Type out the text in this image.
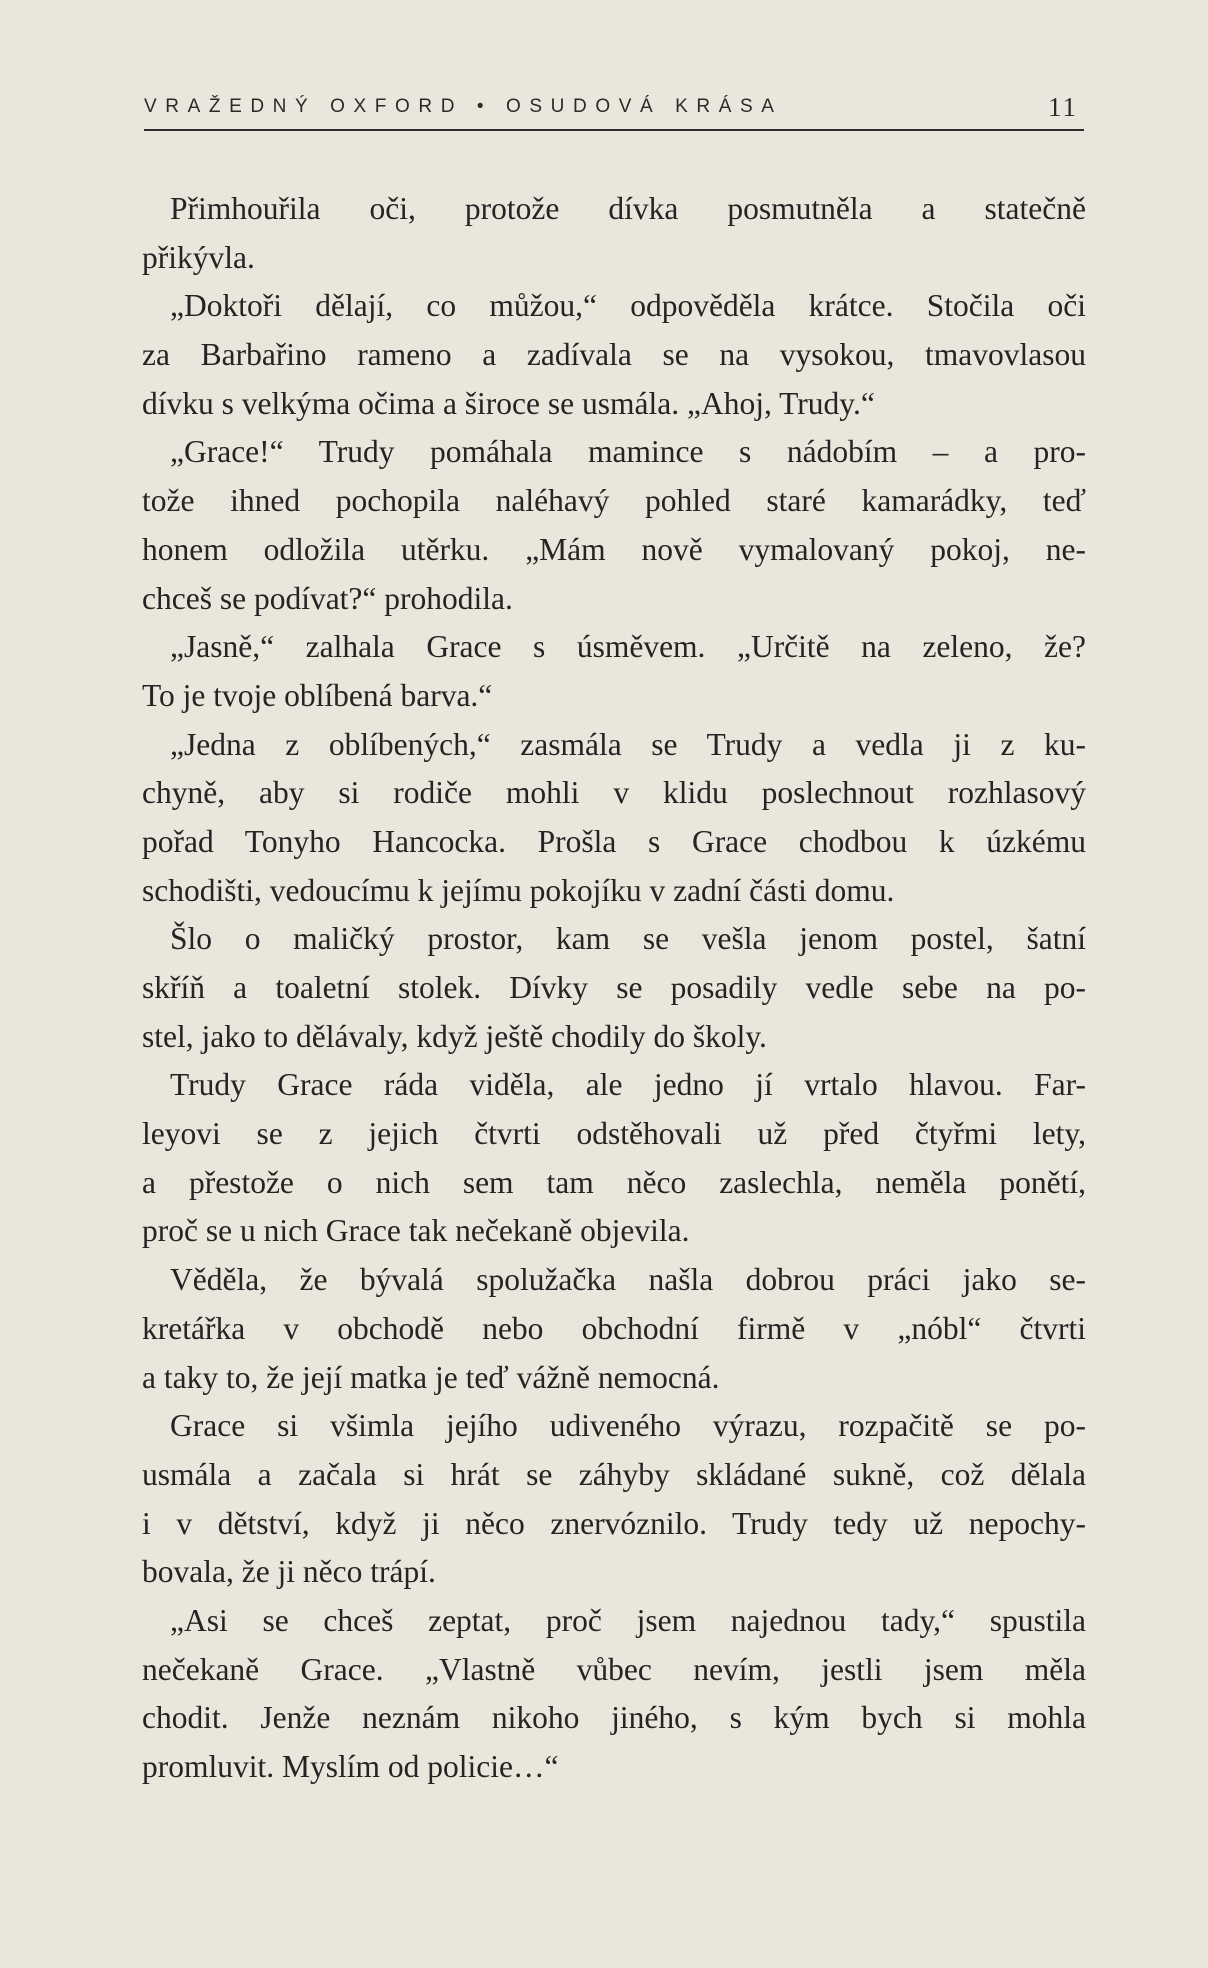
VRAŽEDNÝ OXFORD • OSUDOVÁ KRÁSA	11
Přimhouřila oči, protože dívka posmutněla a statečně
přikývla.
„Doktoři dělají, co můžou,“ odpověděla krátce. Stočila oči
za Barbařino rameno a zadívala se na vysokou, tmavovlasou
dívku s velkýma očima a široce se usmála. „Ahoj, Trudy.“
„Grace!“ Trudy pomáhala mamince s nádobím – a pro-
tože ihned pochopila naléhavý pohled staré kamarádky, teď
honem odložila utěrku. „Mám nově vymalovaný pokoj, ne-
chceš se podívat?“ prohodila.
„Jasně,“ zalhala Grace s úsměvem. „Určitě na zeleno, že?
To je tvoje oblíbená barva.“
„Jedna z oblíbených,“ zasmála se Trudy a vedla ji z ku-
chyně, aby si rodiče mohli v klidu poslechnout rozhlasový
pořad Tonyho Hancocka. Prošla s Grace chodbou k úzkému
schodišti, vedoucímu k jejímu pokojíku v zadní části domu.
Šlo o maličký prostor, kam se vešla jenom postel, šatní
skříň a toaletní stolek. Dívky se posadily vedle sebe na po-
stel, jako to dělávaly, když ještě chodily do školy.
Trudy Grace ráda viděla, ale jedno jí vrtalo hlavou. Far-
leyovi se z jejich čtvrti odstěhovali už před čtyřmi lety,
a přestože o nich sem tam něco zaslechla, neměla ponětí,
proč se u nich Grace tak nečekaně objevila.
Věděla, že bývalá spolužačka našla dobrou práci jako se-
kretářka v obchodě nebo obchodní firmě v „nóbl“ čtvrti
a taky to, že její matka je teď vážně nemocná.
Grace si všimla jejího udiveného výrazu, rozpačitě se po-
usmála a začala si hrát se záhyby skládané sukně, což dělala
i v dětství, když ji něco znervóznilo. Trudy tedy už nepochy-
bovala, že ji něco trápí.
„Asi se chceš zeptat, proč jsem najednou tady,“ spustila
nečekaně Grace. „Vlastně vůbec nevím, jestli jsem měla
chodit. Jenže neznám nikoho jiného, s kým bych si mohla
promluvit. Myslím od policie…“
